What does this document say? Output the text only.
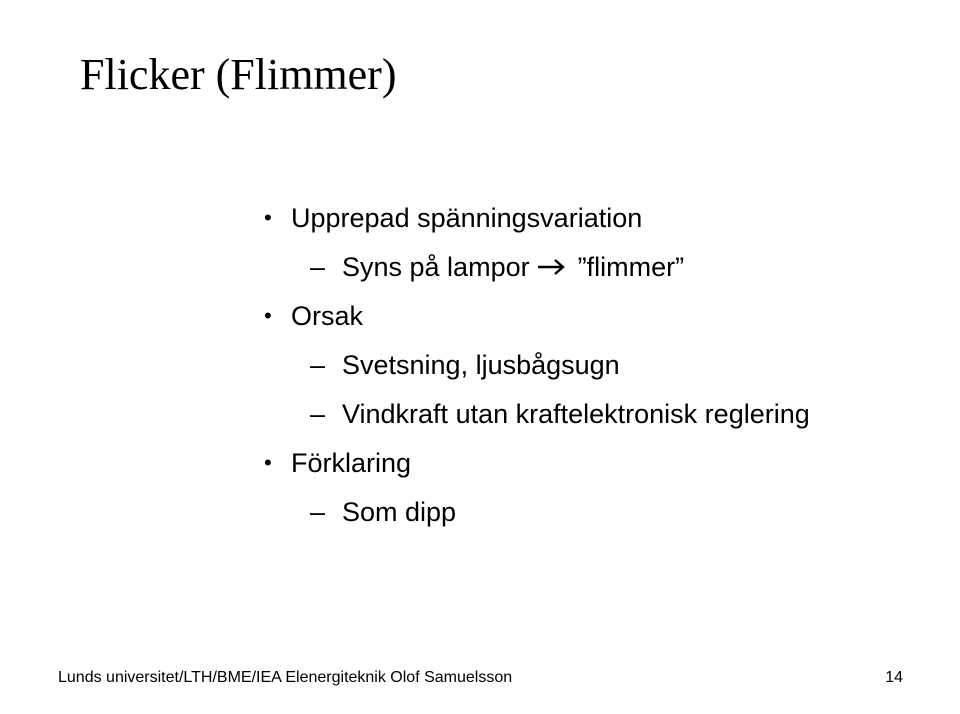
Flicker (Flimmer)
• Upprepad spänningsvariation
– Syns på lampor ”flimmer”
• Orsak
– Svetsning, ljusbågsugn
– Vindkraft utan kraftelektronisk reglering
• Förklaring
– Som dipp
Lunds universitet/LTH/BME/IEA Elenergiteknik Olof Samuelsson	14
